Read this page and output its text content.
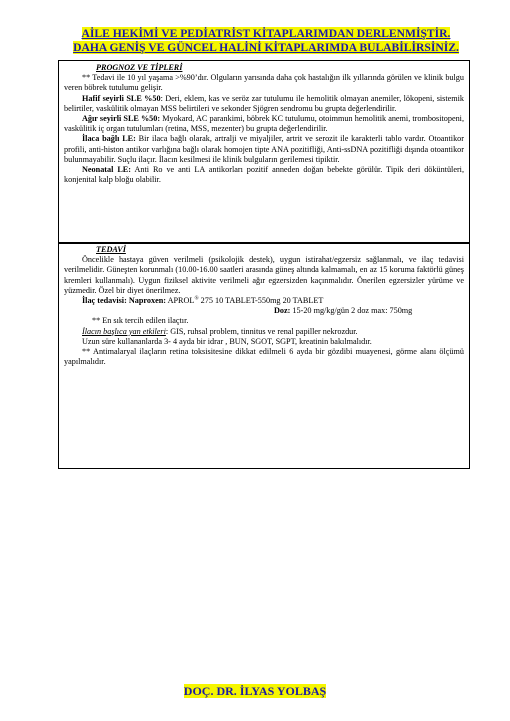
AİLE HEKİMİ VE PEDİATRİST KİTAPLARIMDAN DERLENMİŞTİR.
DAHA GENİŞ VE GÜNCEL HALİNİ KİTAPLARIMDA BULABİLİRSİNİZ.

PROGNOZ VE TİPLERİ

** Tedavi ile 10 yıl yaşama >%90’dır. Olguların yarısında daha çok hastalığın ilk yıllarında görülen ve klinik bulgu veren böbrek tutulumu gelişir.

Hafif seyirli SLE %50: Deri, eklem, kas ve seröz zar tutulumu ile hemolitik olmayan anemiler, lökopeni, sistemik belirtiler, vaskülitik olmayan MSS belirtileri ve sekonder Sjögren sendromu bu grupta değerlendirilir.

Ağır seyirli SLE %50: Myokard, AC parankimi, böbrek KC tutulumu, otoimmun hemolitik anemi, trombositopeni, vaskülitik iç organ tutulumları (retina, MSS, mezenter) bu grupta değerlendirilir.

İlaca bağlı LE: Bir ilaca bağlı olarak, artralji ve miyaljiler, artrit ve serozit ile karakterli tablo vardır. Otoantikor profili, anti-histon antikor varlığına bağlı olarak homojen tipte ANA pozitifliği, Anti-ssDNA pozitifliği dışında otoantikor bulunmayabilir. Suçlu ilaçır. İlacın kesilmesi ile klinik bulguların gerilemesi tipiktir.

Neonatal LE: Anti Ro ve anti LA antikorları pozitif anneden doğan bebekte görülür. Tipik deri döküntüleri, konjenital kalp bloğu olabilir.

TEDAVİ

Öncelikle hastaya güven verilmeli (psikolojik destek), uygun istirahat/egzersiz sağlanmalı, ve ilaç tedavisi verilmelidir. Güneşten korunmalı (10.00-16.00 saatleri arasında güneş altında kalmamalı, en az 15 koruma faktörlü güneş kremleri kullanmalı). Uygun fiziksel aktivite verilmeli ağır egzersizden kaçınmalıdır. Önerilen egzersizler yürüme ve yüzmedir. Özel bir diyet önerilmez.

İlaç tedavisi: Naproxen: APROL® 275 10 TABLET-550mg 20 TABLET

Doz: 15-20 mg/kg/gün 2 doz max: 750mg

** En sık tercih edilen ilaçtır.

İlacın başlıca yan etkileri: GIS, ruhsal problem, tinnitus ve renal papiller nekrozdur.

Uzun süre kullananlarda 3- 4 ayda bir idrar , BUN, SGOT, SGPT, kreatinin bakılmalıdır.

** Antimalaryal ilaçların retina toksisitesine dikkat edilmeli 6 ayda bir gözdibi muayenesi, görme alanı ölçümü yapılmalıdır.

DOÇ. DR. İLYAS YOLBAŞ
